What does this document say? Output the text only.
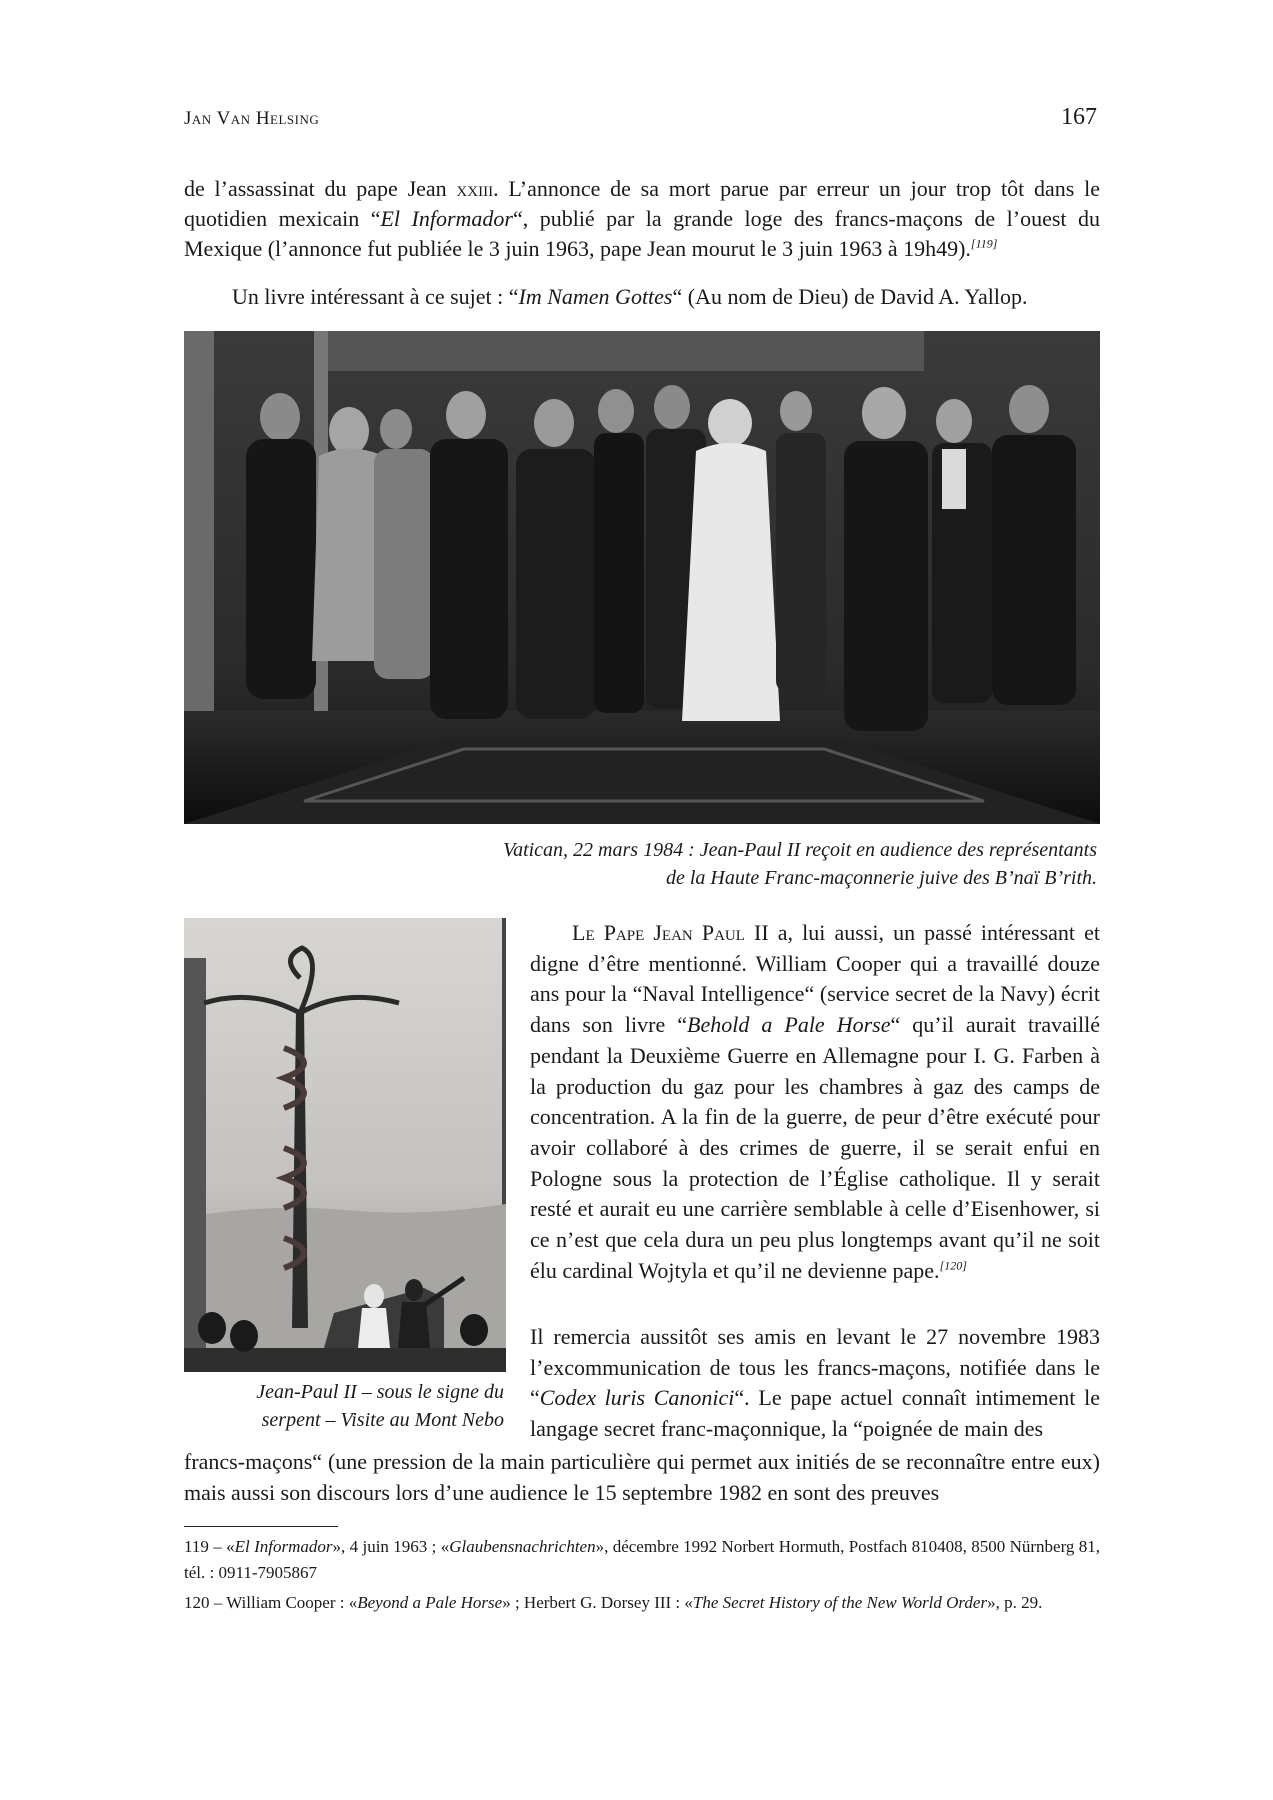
Jan Van Helsing	167

de l’assassinat du pape Jean xxiii. L’annonce de sa mort parue par erreur un jour trop tôt dans le quotidien mexicain “El Informador“, publié par la grande loge des francs-maçons de l’ouest du Mexique (l’annonce fut publiée le 3 juin 1963, pape Jean mourut le 3 juin 1963 à 19h49).[119]

Un livre intéressant à ce sujet : “Im Namen Gottes“ (Au nom de Dieu) de David A. Yallop.

Vatican, 22 mars 1984 : Jean-Paul II reçoit en audience des représentants
de la Haute Franc-maçonnerie juive des B’naï B’rith.
Jean-Paul II – sous le signe du
serpent – Visite au Mont Nebo

Le Pape Jean Paul II a, lui aussi, un passé intéressant et digne d’être mentionné. William Cooper qui a travaillé douze ans pour la “Naval Intelligence“ (service secret de la Navy) écrit dans son livre “Behold a Pale Horse“ qu’il aurait travaillé pendant la Deuxième Guerre en Allemagne pour I. G. Farben à la production du gaz pour les chambres à gaz des camps de concentration. A la fin de la guerre, de peur d’être exécuté pour avoir collaboré à des crimes de guerre, il se serait enfui en Pologne sous la protection de l’Église catholique. Il y serait resté et aurait eu une carrière semblable à celle d’Eisenhower, si ce n’est que cela dura un peu plus longtemps avant qu’il ne soit élu cardinal Wojtyla et qu’il ne devienne pape.[120]

Il remercia aussitôt ses amis en levant le 27 novembre 1983 l’excommunication de tous les francs-maçons, notifiée dans le “Codex luris Canonici“. Le pape actuel connaît intimement le langage secret franc-maçonnique, la “poignée de main des

francs-maçons“ (une pression de la main particulière qui permet aux initiés de se reconnaître entre eux) mais aussi son discours lors d’une audience le 15 septembre 1982 en sont des preuves

119 – «El Informador», 4 juin 1963 ; «Glaubensnachrichten», décembre 1992 Norbert Hormuth, Postfach 810408, 8500 Nürnberg 81, tél. : 0911-7905867

120 – William Cooper : «Beyond a Pale Horse» ; Herbert G. Dorsey III : «The Secret History of the New World Order», p. 29.
